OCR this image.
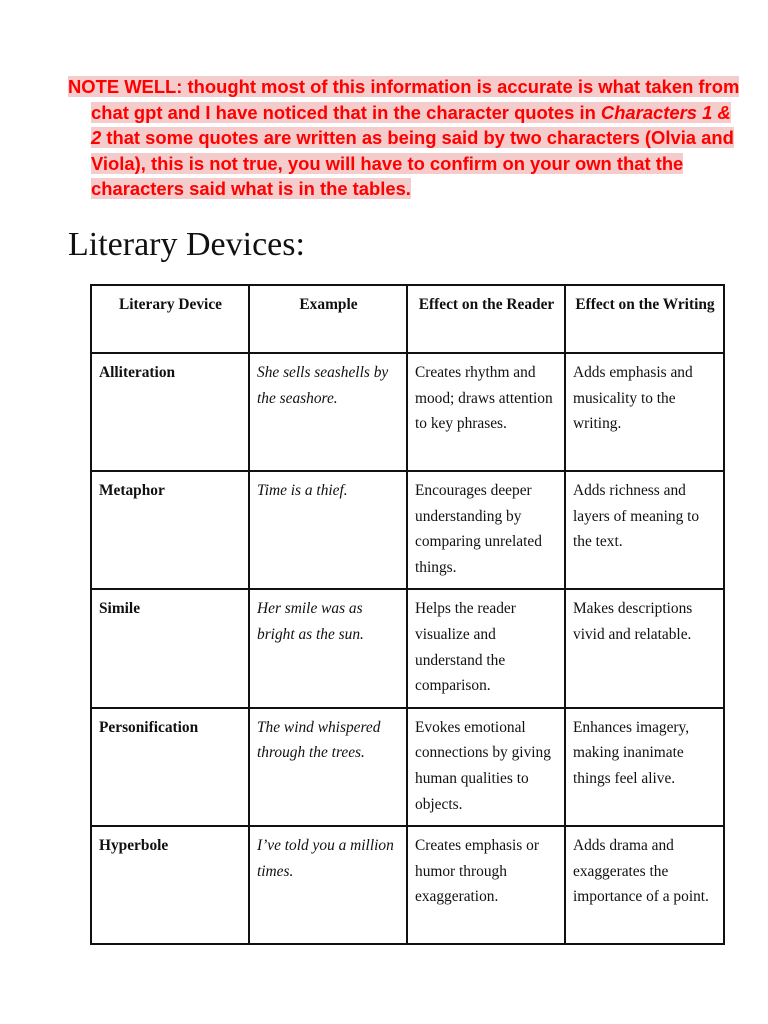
NOTE WELL: thought most of this information is accurate is what taken from chat gpt and I have noticed that in the character quotes in Characters 1 & 2 that some quotes are written as being said by two characters (Olvia and Viola), this is not true, you will have to confirm on your own that the characters said what is in the tables.

Literary Devices:
Literary Device	Example	Effect on the Reader	Effect on the Writing
Alliteration	She sells seashells by the seashore.	Creates rhythm and mood; draws attention to key phrases.	Adds emphasis and musicality to the writing.
Metaphor	Time is a thief.	Encourages deeper understanding by comparing unrelated things.	Adds richness and layers of meaning to the text.
Simile	Her smile was as bright as the sun.	Helps the reader visualize and understand the comparison.	Makes descriptions vivid and relatable.
Personification	The wind whispered through the trees.	Evokes emotional connections by giving human qualities to objects.	Enhances imagery, making inanimate things feel alive.
Hyperbole	I’ve told you a million times.	Creates emphasis or humor through exaggeration.	Adds drama and exaggerates the importance of a point.
